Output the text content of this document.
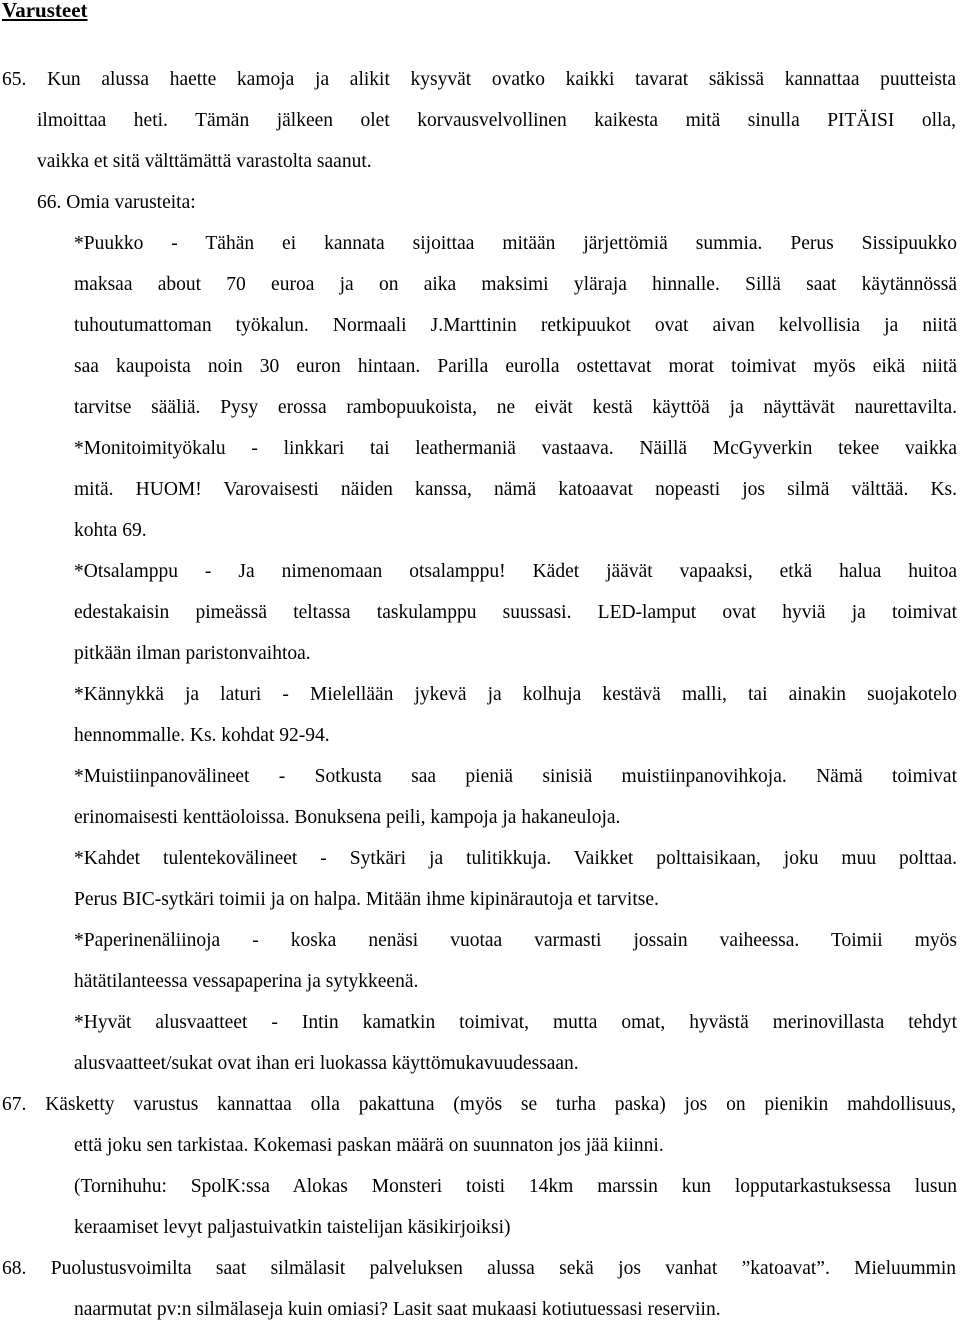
Varusteet
65. Kun alussa haette kamoja ja alikit kysyvät ovatko kaikki tavarat säkissä kannattaa puutteista
ilmoittaa heti. Tämän jälkeen olet korvausvelvollinen kaikesta mitä sinulla PITÄISI olla,
vaikka et sitä välttämättä varastolta saanut.
66. Omia varusteita:
*Puukko - Tähän ei kannata sijoittaa mitään järjettömiä summia. Perus Sissipuukko
maksaa about 70 euroa ja on aika maksimi yläraja hinnalle. Sillä saat käytännössä
tuhoutumattoman työkalun. Normaali J.Marttinin retkipuukot ovat aivan kelvollisia ja niitä
saa kaupoista noin 30 euron hintaan. Parilla eurolla ostettavat morat toimivat myös eikä niitä
tarvitse sääliä. Pysy erossa rambopuukoista, ne eivät kestä käyttöä ja näyttävät naurettavilta.
*Monitoimityökalu - linkkari tai leathermaniä vastaava. Näillä McGyverkin tekee vaikka
mitä. HUOM! Varovaisesti näiden kanssa, nämä katoaavat nopeasti jos silmä välttää. Ks.
kohta 69.
*Otsalamppu - Ja nimenomaan otsalamppu! Kädet jäävät vapaaksi, etkä halua huitoa
edestakaisin pimeässä teltassa taskulamppu suussasi. LED-lamput ovat hyviä ja toimivat
pitkään ilman paristonvaihtoa.
*Kännykkä ja laturi - Mielellään jykevä ja kolhuja kestävä malli, tai ainakin suojakotelo
hennommalle. Ks. kohdat 92-94.
*Muistiinpanovälineet - Sotkusta saa pieniä sinisiä muistiinpanovihkoja. Nämä toimivat
erinomaisesti kenttäoloissa. Bonuksena peili, kampoja ja hakaneuloja.
*Kahdet tulentekovälineet - Sytkäri ja tulitikkuja. Vaikket polttaisikaan, joku muu polttaa.
Perus BIC-sytkäri toimii ja on halpa. Mitään ihme kipinärautoja et tarvitse.
*Paperinenäliinoja - koska nenäsi vuotaa varmasti jossain vaiheessa. Toimii myös
hätätilanteessa vessapaperina ja sytykkeenä.
*Hyvät alusvaatteet - Intin kamatkin toimivat, mutta omat, hyvästä merinovillasta tehdyt
alusvaatteet/sukat ovat ihan eri luokassa käyttömukavuudessaan.
67. Käsketty varustus kannattaa olla pakattuna (myös se turha paska) jos on pienikin mahdollisuus,
että joku sen tarkistaa. Kokemasi paskan määrä on suunnaton jos jää kiinni.
(Tornihuhu: SpolK:ssa Alokas Monsteri toisti 14km marssin kun lopputarkastuksessa lusun
keraamiset levyt paljastuivatkin taistelijan käsikirjoiksi)
68. Puolustusvoimilta saat silmälasit palveluksen alussa sekä jos vanhat ”katoavat”. Mieluummin
naarmutat pv:n silmälaseja kuin omiasi? Lasit saat mukaasi kotiutuessasi reserviin.
